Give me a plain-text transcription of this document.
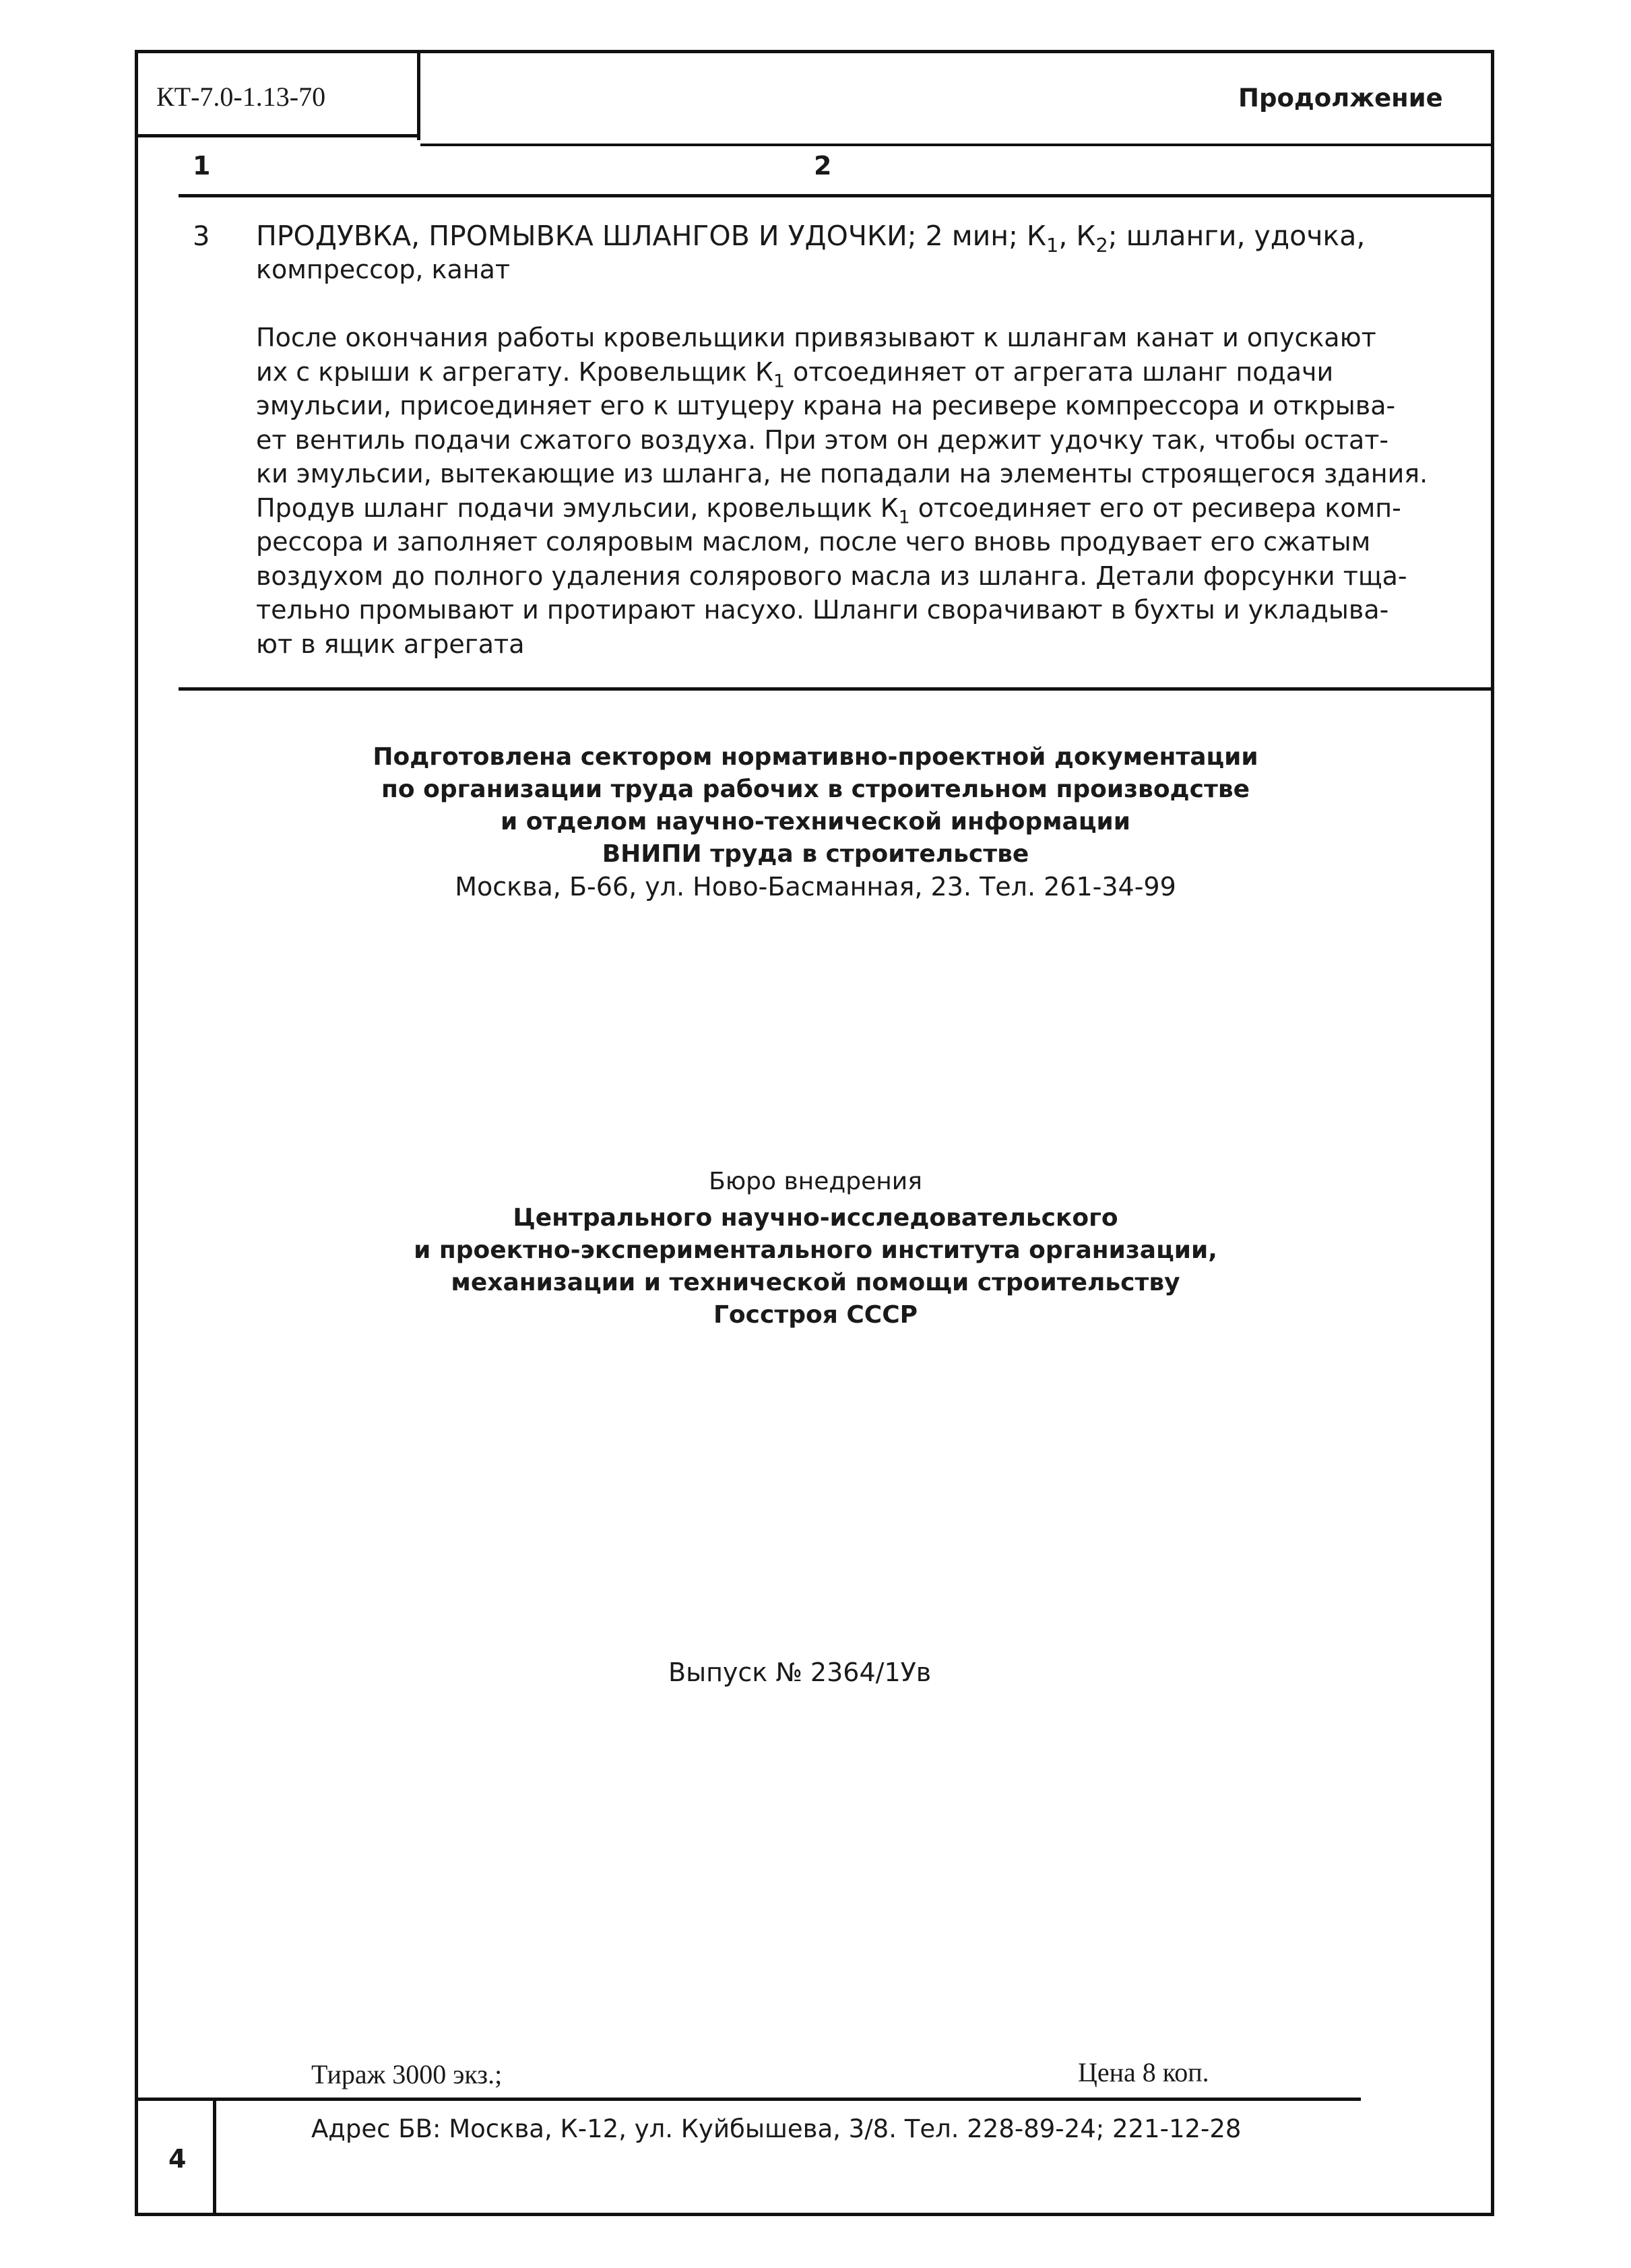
КТ-7.0-1.13-70	Продолжение
1	2
3 ПРОДУВКА, ПРОМЫВКА ШЛАНГОВ И УДОЧКИ; 2 мин; $К_1$, $К_2$; шланги, удочка,
компрессор, канат
После окончания работы кровельщики привязывают к шлангам канат и опускают
их с крыши к агрегату. Кровельщик $К_1$ отсоединяет от агрегата шланг подачи
эмульсии, присоединяет его к штуцеру крана на ресивере компрессора и открыва-
ет вентиль подачи сжатого воздуха. При этом он держит удочку так, чтобы остат-
ки эмульсии, вытекающие из шланга, не попадали на элементы строящегося здания.
Продув шланг подачи эмульсии, кровельщик $К_1$ отсоединяет его от ресивера комп-
рессора и заполняет соляровым маслом, после чего вновь продувает его сжатым
воздухом до полного удаления солярового масла из шланга. Детали форсунки тща-
тельно промывают и протирают насухо. Шланги сворачивают в бухты и укладыва-
ют в ящик агрегата
Подготовлена сектором нормативно-проектной документации
по организации труда рабочих в строительном производстве
и отделом научно-технической информации
ВНИПИ труда в строительстве
Москва, Б-66, ул. Ново-Басманная, 23. Тел. 261-34-99
Бюро внедрения
Центрального научно-исследовательского
и проектно-экспериментального института организации,
механизации и технической помощи строительству
Госстроя СССР
Выпуск № 2364/1Ув
Тираж 3000 экз.;	Цена 8 коп.
Адрес БВ: Москва, К-12, ул. Куйбышева, 3/8. Тел. 228-89-24; 221-12-28
4
